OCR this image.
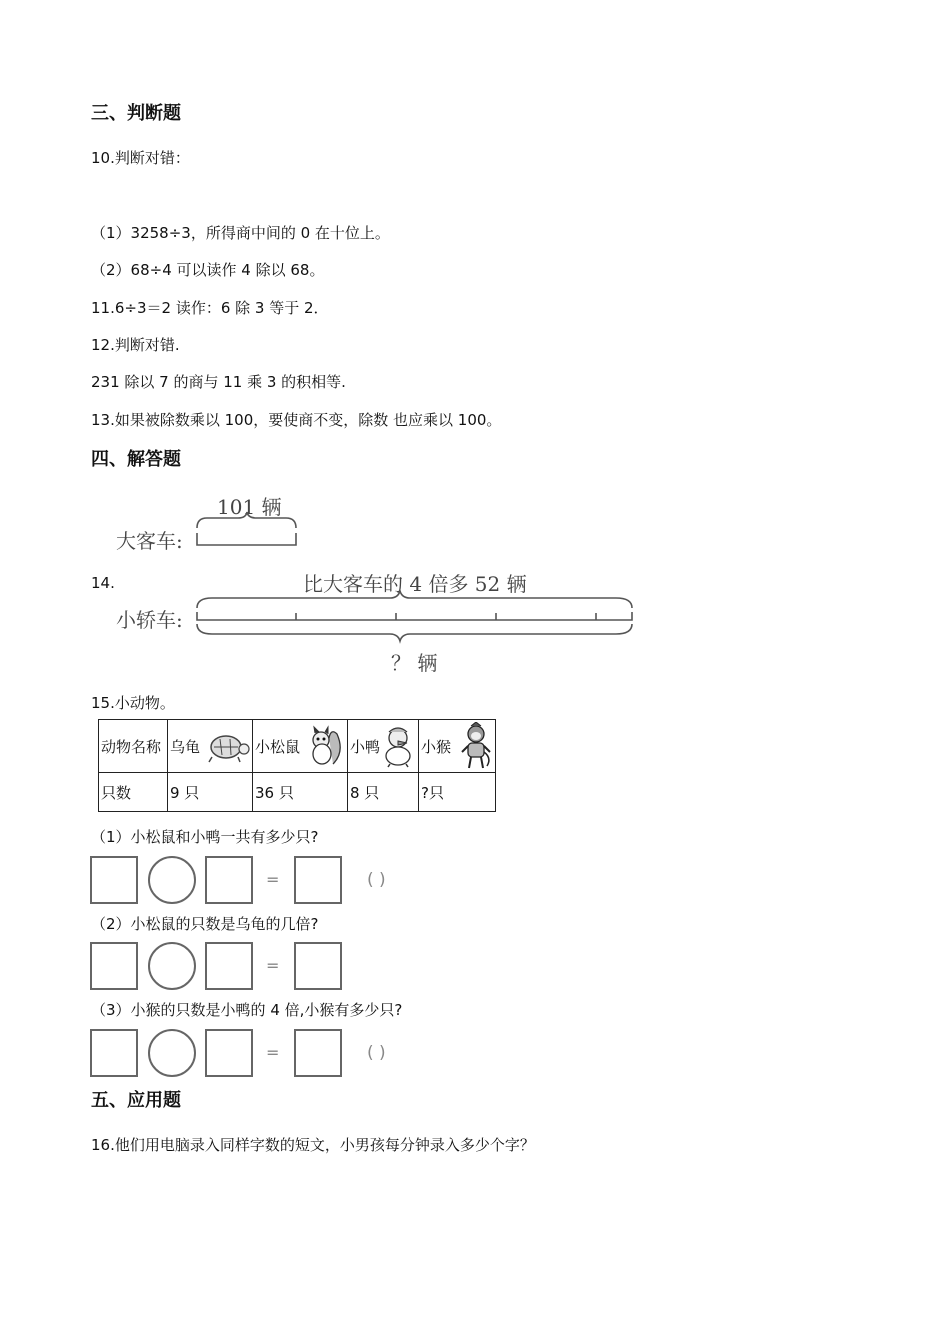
三、判断题
10.判断对错：
（1）3258÷3，所得商中间的 0 在十位上。
（2）68÷4 可以读作 4 除以 68。
11.6÷3＝2 读作：6 除 3 等于 2．
12.判断对错.
231 除以 7 的商与 11 乘 3 的积相等.
13.如果被除数乘以 100，要使商不变，除数 也应乘以 100。
四、解答题
14.
101 辆
大客车:
比大客车的 4 倍多 52 辆
小轿车:
？ 辆
15.小动物。
动物名称	乌龟	小松鼠	小鸭	小猴

只数	9 只	36 只	8 只	?只
（1）小松鼠和小鸭一共有多少只?
=	( )
（2）小松鼠的只数是乌龟的几倍?
=
（3）小猴的只数是小鸭的 4 倍,小猴有多少只?
=	( )
五、应用题
16.他们用电脑录入同样字数的短文，小男孩每分钟录入多少个字？
